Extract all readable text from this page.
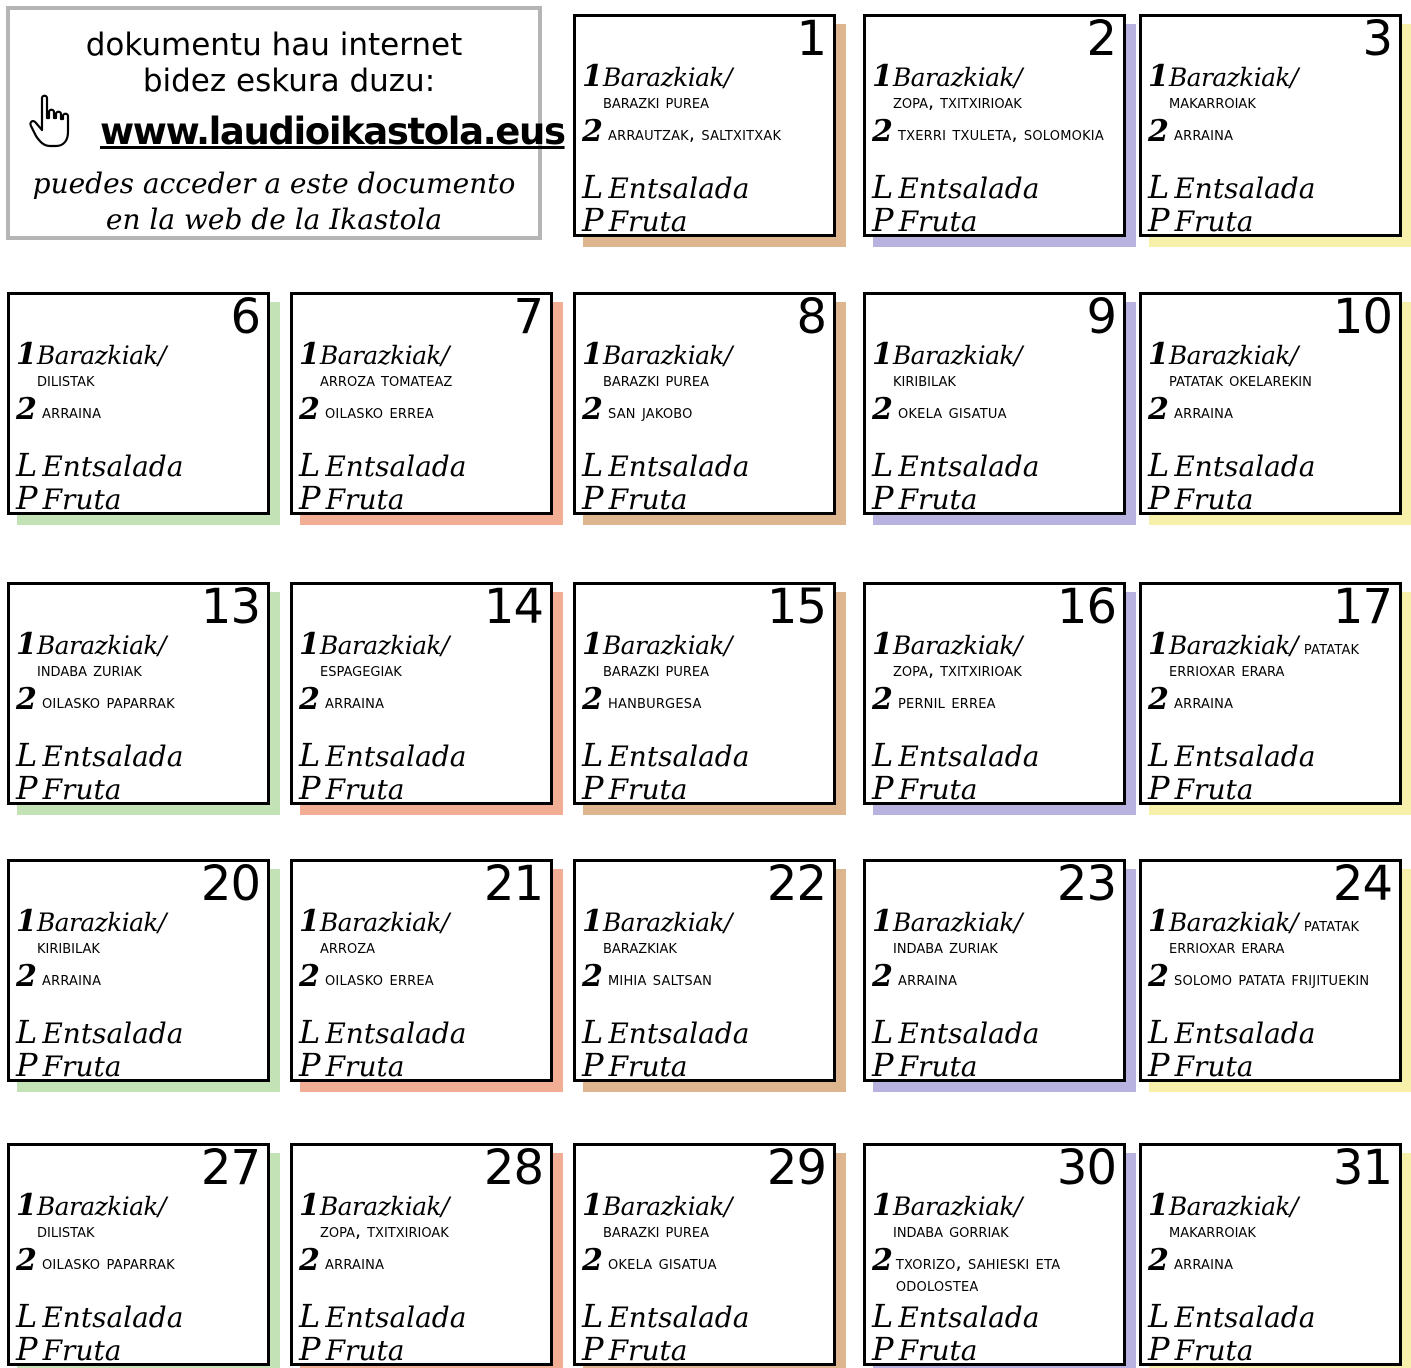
dokumentu hau internet
bidez eskura duzu:
www.laudioikastola.eus
puedes acceder a este documento
en la web de la Ikastola
1
1Barazkiak/
barazki purea
2 arrautzak, saltxitxak
L Entsalada
P Fruta
2
1Barazkiak/
zopa, txitxirioak
2 txerri txuleta, solomokia
L Entsalada
P Fruta
3
1Barazkiak/
makarroiak
2 arraina
L Entsalada
P Fruta
6
1Barazkiak/
dilistak
2 arraina
L Entsalada
P Fruta
7
1Barazkiak/
arroza tomateaz
2 oilasko errea
L Entsalada
P Fruta
8
1Barazkiak/
barazki purea
2 san jakobo
L Entsalada
P Fruta
9
1Barazkiak/
kiribilak
2 okela gisatua
L Entsalada
P Fruta
10
1Barazkiak/
patatak okelarekin
2 arraina
L Entsalada
P Fruta
13
1Barazkiak/
indaba zuriak
2 oilasko paparrak
L Entsalada
P Fruta
14
1Barazkiak/
espagegiak
2 arraina
L Entsalada
P Fruta
15
1Barazkiak/
barazki purea
2 hanburgesa
L Entsalada
P Fruta
16
1Barazkiak/
zopa, txitxirioak
2 pernil errea
L Entsalada
P Fruta
17
1Barazkiak/ patatak
errioxar erara
2 arraina
L Entsalada
P Fruta
20
1Barazkiak/
kiribilak
2 arraina
L Entsalada
P Fruta
21
1Barazkiak/
arroza
2 oilasko errea
L Entsalada
P Fruta
22
1Barazkiak/
barazkiak
2 mihia saltsan
L Entsalada
P Fruta
23
1Barazkiak/
indaba zuriak
2 arraina
L Entsalada
P Fruta
24
1Barazkiak/ patatak
errioxar erara
2 solomo patata frijituekin
L Entsalada
P Fruta
27
1Barazkiak/
dilistak
2 oilasko paparrak
L Entsalada
P Fruta
28
1Barazkiak/
zopa, txitxirioak
2 arraina
L Entsalada
P Fruta
29
1Barazkiak/
barazki purea
2 okela gisatua
L Entsalada
P Fruta
30
1Barazkiak/
indaba gorriak
2 txorizo, sahieski eta odolostea
L Entsalada
P Fruta
31
1Barazkiak/
makarroiak
2 arraina
L Entsalada
P Fruta
